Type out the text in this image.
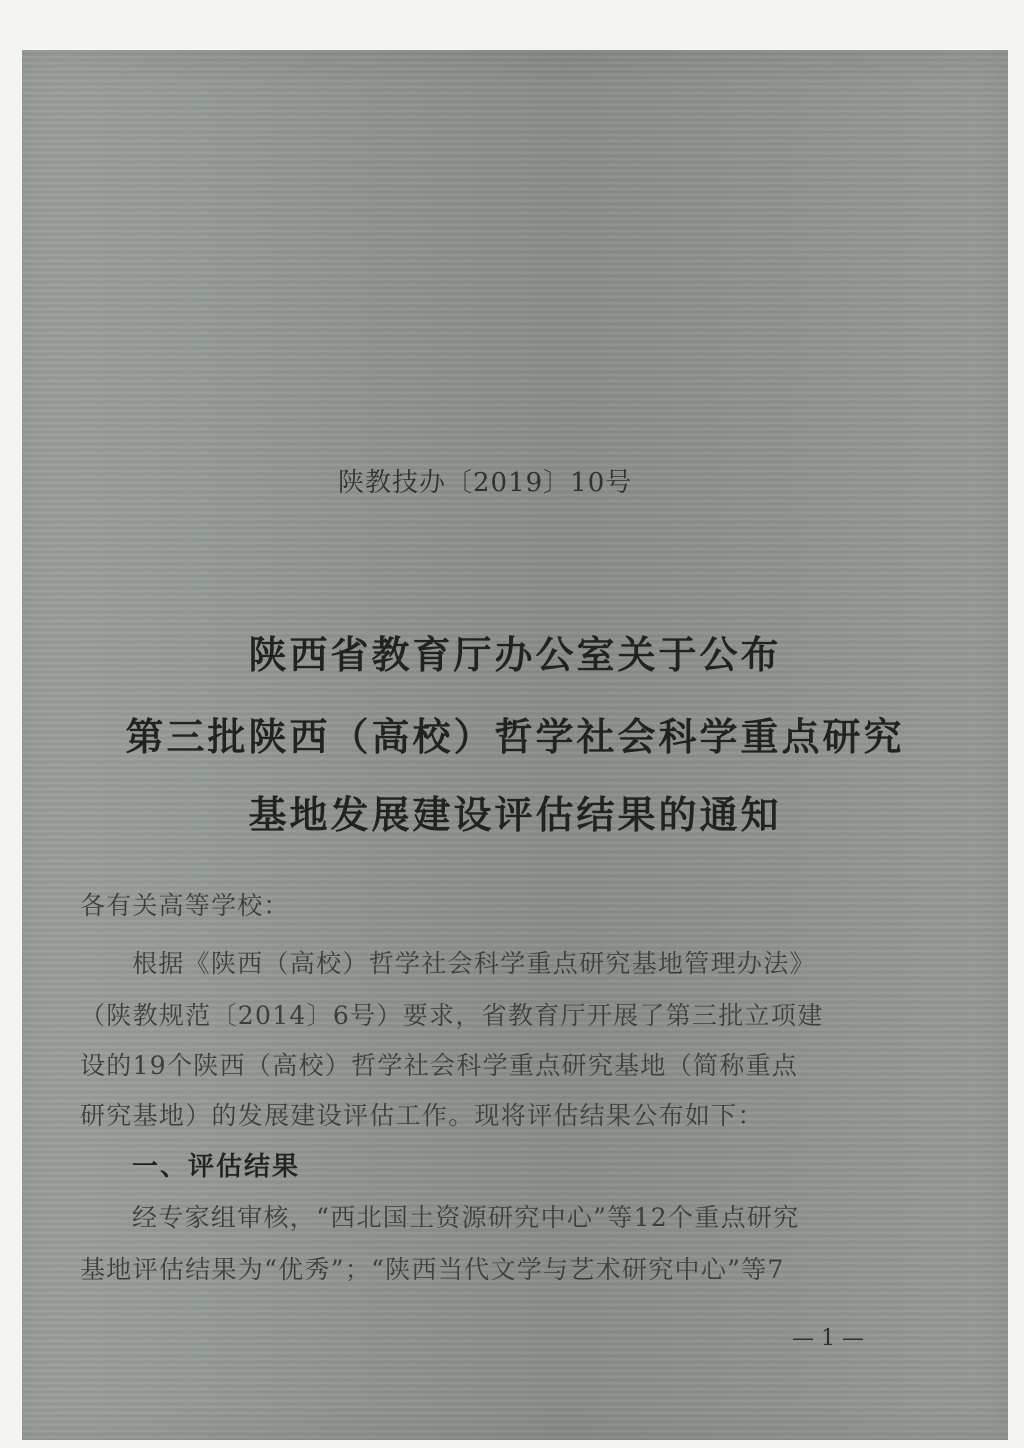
陕教技办〔2019〕10号
陕西省教育厅办公室关于公布
第三批陕西（高校）哲学社会科学重点研究
基地发展建设评估结果的通知
各有关高等学校：
根据《陕西（高校）哲学社会科学重点研究基地管理办法》
（陕教规范〔2014〕6号）要求，省教育厅开展了第三批立项建
设的19个陕西（高校）哲学社会科学重点研究基地（简称重点
研究基地）的发展建设评估工作。现将评估结果公布如下：
一、评估结果
经专家组审核，“西北国土资源研究中心”等12个重点研究
基地评估结果为“优秀”；“陕西当代文学与艺术研究中心”等7
— 1 —
